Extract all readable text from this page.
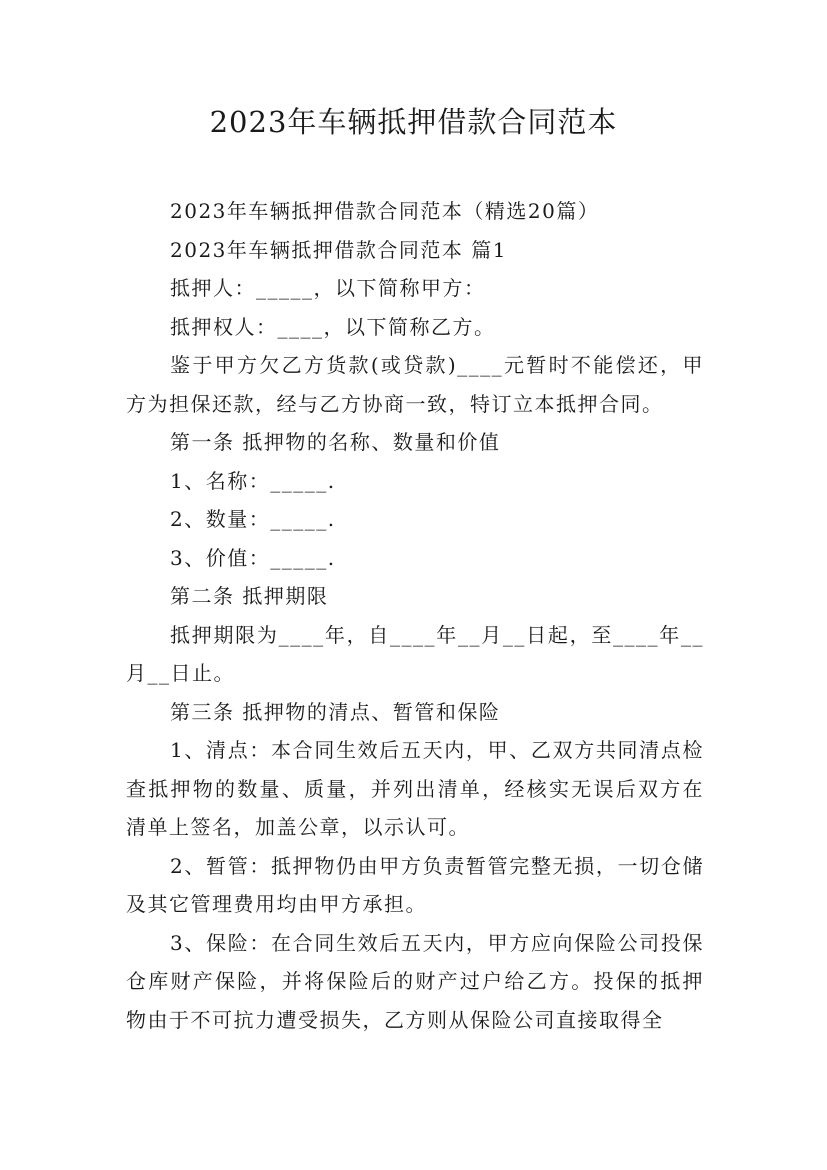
2023年车辆抵押借款合同范本

2023年车辆抵押借款合同范本（精选20篇）

2023年车辆抵押借款合同范本 篇1

抵押人：_____，以下简称甲方：

抵押权人：____，以下简称乙方。

鉴于甲方欠乙方货款(或贷款)____元暂时不能偿还，甲方为担保还款，经与乙方协商一致，特订立本抵押合同。

第一条 抵押物的名称、数量和价值

1、名称：_____.

2、数量：_____.

3、价值：_____.

第二条 抵押期限

抵押期限为____年，自____年__月__日起，至____年__月__日止。

第三条 抵押物的清点、暂管和保险

1、清点：本合同生效后五天内，甲、乙双方共同清点检查抵押物的数量、质量，并列出清单，经核实无误后双方在清单上签名，加盖公章，以示认可。

2、暂管：抵押物仍由甲方负责暂管完整无损，一切仓储及其它管理费用均由甲方承担。

3、保险：在合同生效后五天内，甲方应向保险公司投保仓库财产保险，并将保险后的财产过户给乙方。投保的抵押物由于不可抗力遭受损失，乙方则从保险公司直接取得全
